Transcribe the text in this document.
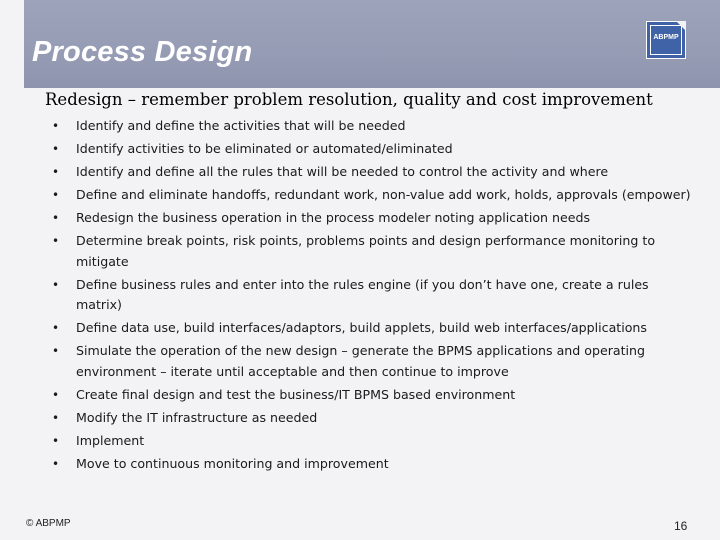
Process Design	ABPMP
Redesign – remember problem resolution, quality and cost improvement
• Identify and define the activities that will be needed
• Identify activities to be eliminated or automated/eliminated
• Identify and define all the rules that will be needed to control the activity and where
• Define and eliminate handoffs, redundant work, non-value add work, holds, approvals (empower)
• Redesign the business operation in the process modeler noting application needs
• Determine break points, risk points, problems points and design performance monitoring to mitigate
• Define business rules and enter into the rules engine (if you don’t have one, create a rules matrix)
• Define data use, build interfaces/adaptors, build applets, build web interfaces/applications
• Simulate the operation of the new design – generate the BPMS applications and operating environment – iterate until acceptable and then continue to improve
• Create final design and test the business/IT BPMS based environment
• Modify the IT infrastructure as needed
• Implement
• Move to continuous monitoring and improvement
© ABPMP	16
